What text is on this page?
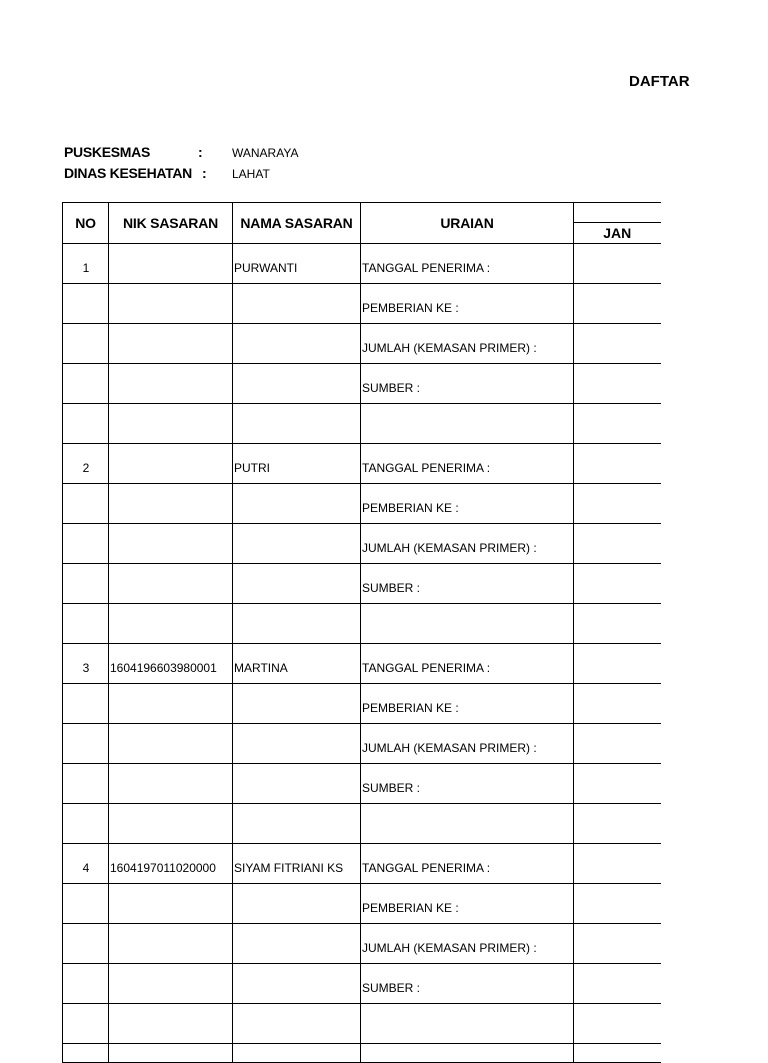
DAFTAR
PUSKESMAS	: WANARAYA
DINAS KESEHATAN : LAHAT
NO	NIK SASARAN	NAMA SASARAN	URAIAN	
				JAN
1		PURWANTI	TANGGAL PENERIMA :	
			PEMBERIAN KE :	
			JUMLAH (KEMASAN PRIMER) :	
			SUMBER :	

2		PUTRI	TANGGAL PENERIMA :	
			PEMBERIAN KE :	
			JUMLAH (KEMASAN PRIMER) :	
			SUMBER :	

3	1604196603980001	MARTINA	TANGGAL PENERIMA :	
			PEMBERIAN KE :	
			JUMLAH (KEMASAN PRIMER) :	
			SUMBER :	

4	1604197011020000	SIYAM FITRIANI KS	TANGGAL PENERIMA :	
			PEMBERIAN KE :	
			JUMLAH (KEMASAN PRIMER) :	
			SUMBER :	
